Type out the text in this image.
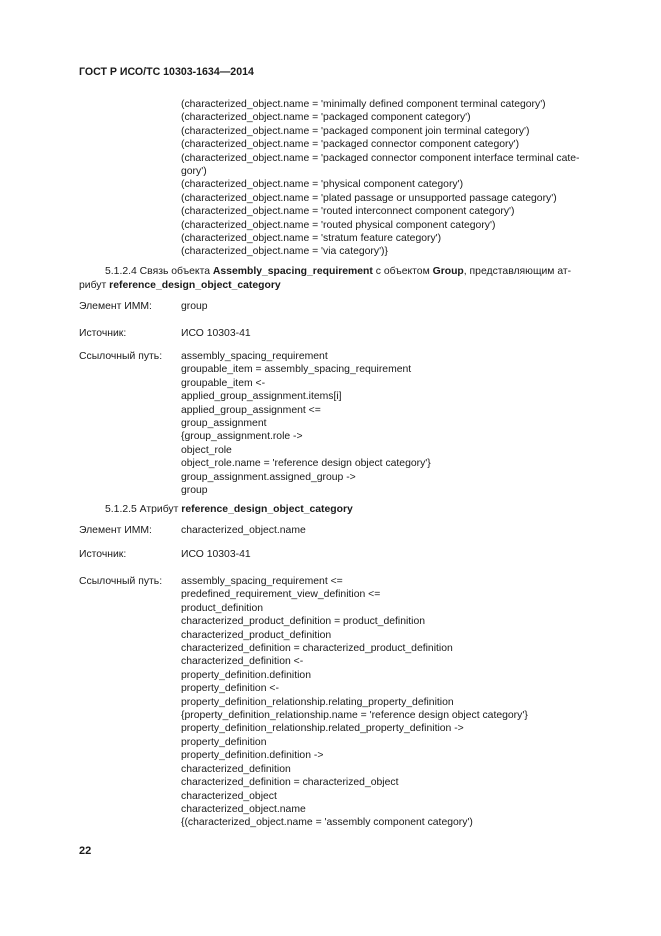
ГОСТ Р ИСО/ТС 10303-1634—2014
(characterized_object.name = 'minimally defined component terminal category')
(characterized_object.name = 'packaged component category')
(characterized_object.name = 'packaged component join terminal category')
(characterized_object.name = 'packaged connector component category')
(characterized_object.name = 'packaged connector component interface terminal cate-
gory')
(characterized_object.name = 'physical component category')
(characterized_object.name = 'plated passage or unsupported passage category')
(characterized_object.name = 'routed interconnect component category')
(characterized_object.name = 'routed physical component category')
(characterized_object.name = 'stratum feature category')
(characterized_object.name = 'via category')}
5.1.2.4 Связь объекта Assembly_spacing_requirement с объектом Group, представляющим ат-
рибут reference_design_object_category
Элемент ИММ:	group
Источник:	ИСО 10303-41
Ссылочный путь: assembly_spacing_requirement
groupable_item = assembly_spacing_requirement
groupable_item <-
applied_group_assignment.items[i]
applied_group_assignment <=
group_assignment
{group_assignment.role ->
object_role
object_role.name = 'reference design object category'}
group_assignment.assigned_group ->
group
5.1.2.5 Атрибут reference_design_object_category
Элемент ИММ:	characterized_object.name
Источник:	ИСО 10303-41
Ссылочный путь: assembly_spacing_requirement <=
predefined_requirement_view_definition <=
product_definition
characterized_product_definition = product_definition
characterized_product_definition
characterized_definition = characterized_product_definition
characterized_definition <-
property_definition.definition
property_definition <-
property_definition_relationship.relating_property_definition
{property_definition_relationship.name = 'reference design object category'}
property_definition_relationship.related_property_definition ->
property_definition
property_definition.definition ->
characterized_definition
characterized_definition = characterized_object
characterized_object
characterized_object.name
{(characterized_object.name = 'assembly component category')
22
